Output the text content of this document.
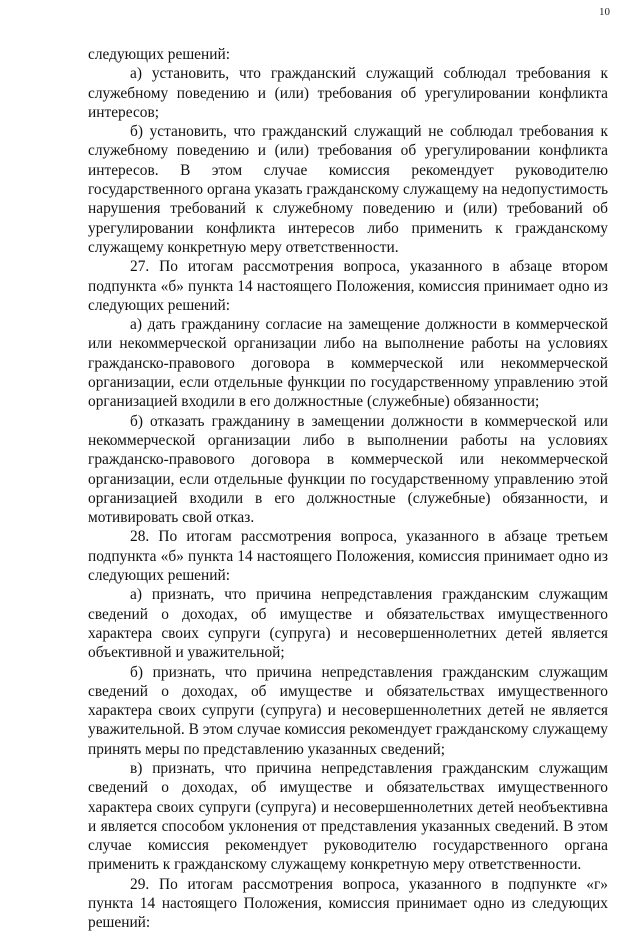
10

следующих решений:

а) установить, что гражданский служащий соблюдал требования к служебному поведению и (или) требования об урегулировании конфликта интересов;

б) установить, что гражданский служащий не соблюдал требования к служебному поведению и (или) требования об урегулировании конфликта интересов. В этом случае комиссия рекомендует руководителю государственного органа указать гражданскому служащему на недопустимость нарушения требований к служебному поведению и (или) требований об урегулировании конфликта интересов либо применить к гражданскому служащему конкретную меру ответственности.

27. По итогам рассмотрения вопроса, указанного в абзаце втором подпункта «б» пункта 14 настоящего Положения, комиссия принимает одно из следующих решений:

а) дать гражданину согласие на замещение должности в коммерческой или некоммерческой организации либо на выполнение работы на условиях гражданско-правового договора в коммерческой или некоммерческой организации, если отдельные функции по государственному управлению этой организацией входили в его должностные (служебные) обязанности;

б) отказать гражданину в замещении должности в коммерческой или некоммерческой организации либо в выполнении работы на условиях гражданско-правового договора в коммерческой или некоммерческой организации, если отдельные функции по государственному управлению этой организацией входили в его должностные (служебные) обязанности, и мотивировать свой отказ.

28. По итогам рассмотрения вопроса, указанного в абзаце третьем подпункта «б» пункта 14 настоящего Положения, комиссия принимает одно из следующих решений:

а) признать, что причина непредставления гражданским служащим сведений о доходах, об имуществе и обязательствах имущественного характера своих супруги (супруга) и несовершеннолетних детей является объективной и уважительной;

б) признать, что причина непредставления гражданским служащим сведений о доходах, об имуществе и обязательствах имущественного характера своих супруги (супруга) и несовершеннолетних детей не является уважительной. В этом случае комиссия рекомендует гражданскому служащему принять меры по представлению указанных сведений;

в) признать, что причина непредставления гражданским служащим сведений о доходах, об имуществе и обязательствах имущественного характера своих супруги (супруга) и несовершеннолетних детей необъективна и является способом уклонения от представления указанных сведений. В этом случае комиссия рекомендует руководителю государственного органа применить к гражданскому служащему конкретную меру ответственности.

29. По итогам рассмотрения вопроса, указанного в подпункте «г» пункта 14 настоящего Положения, комиссия принимает одно из следующих решений:
